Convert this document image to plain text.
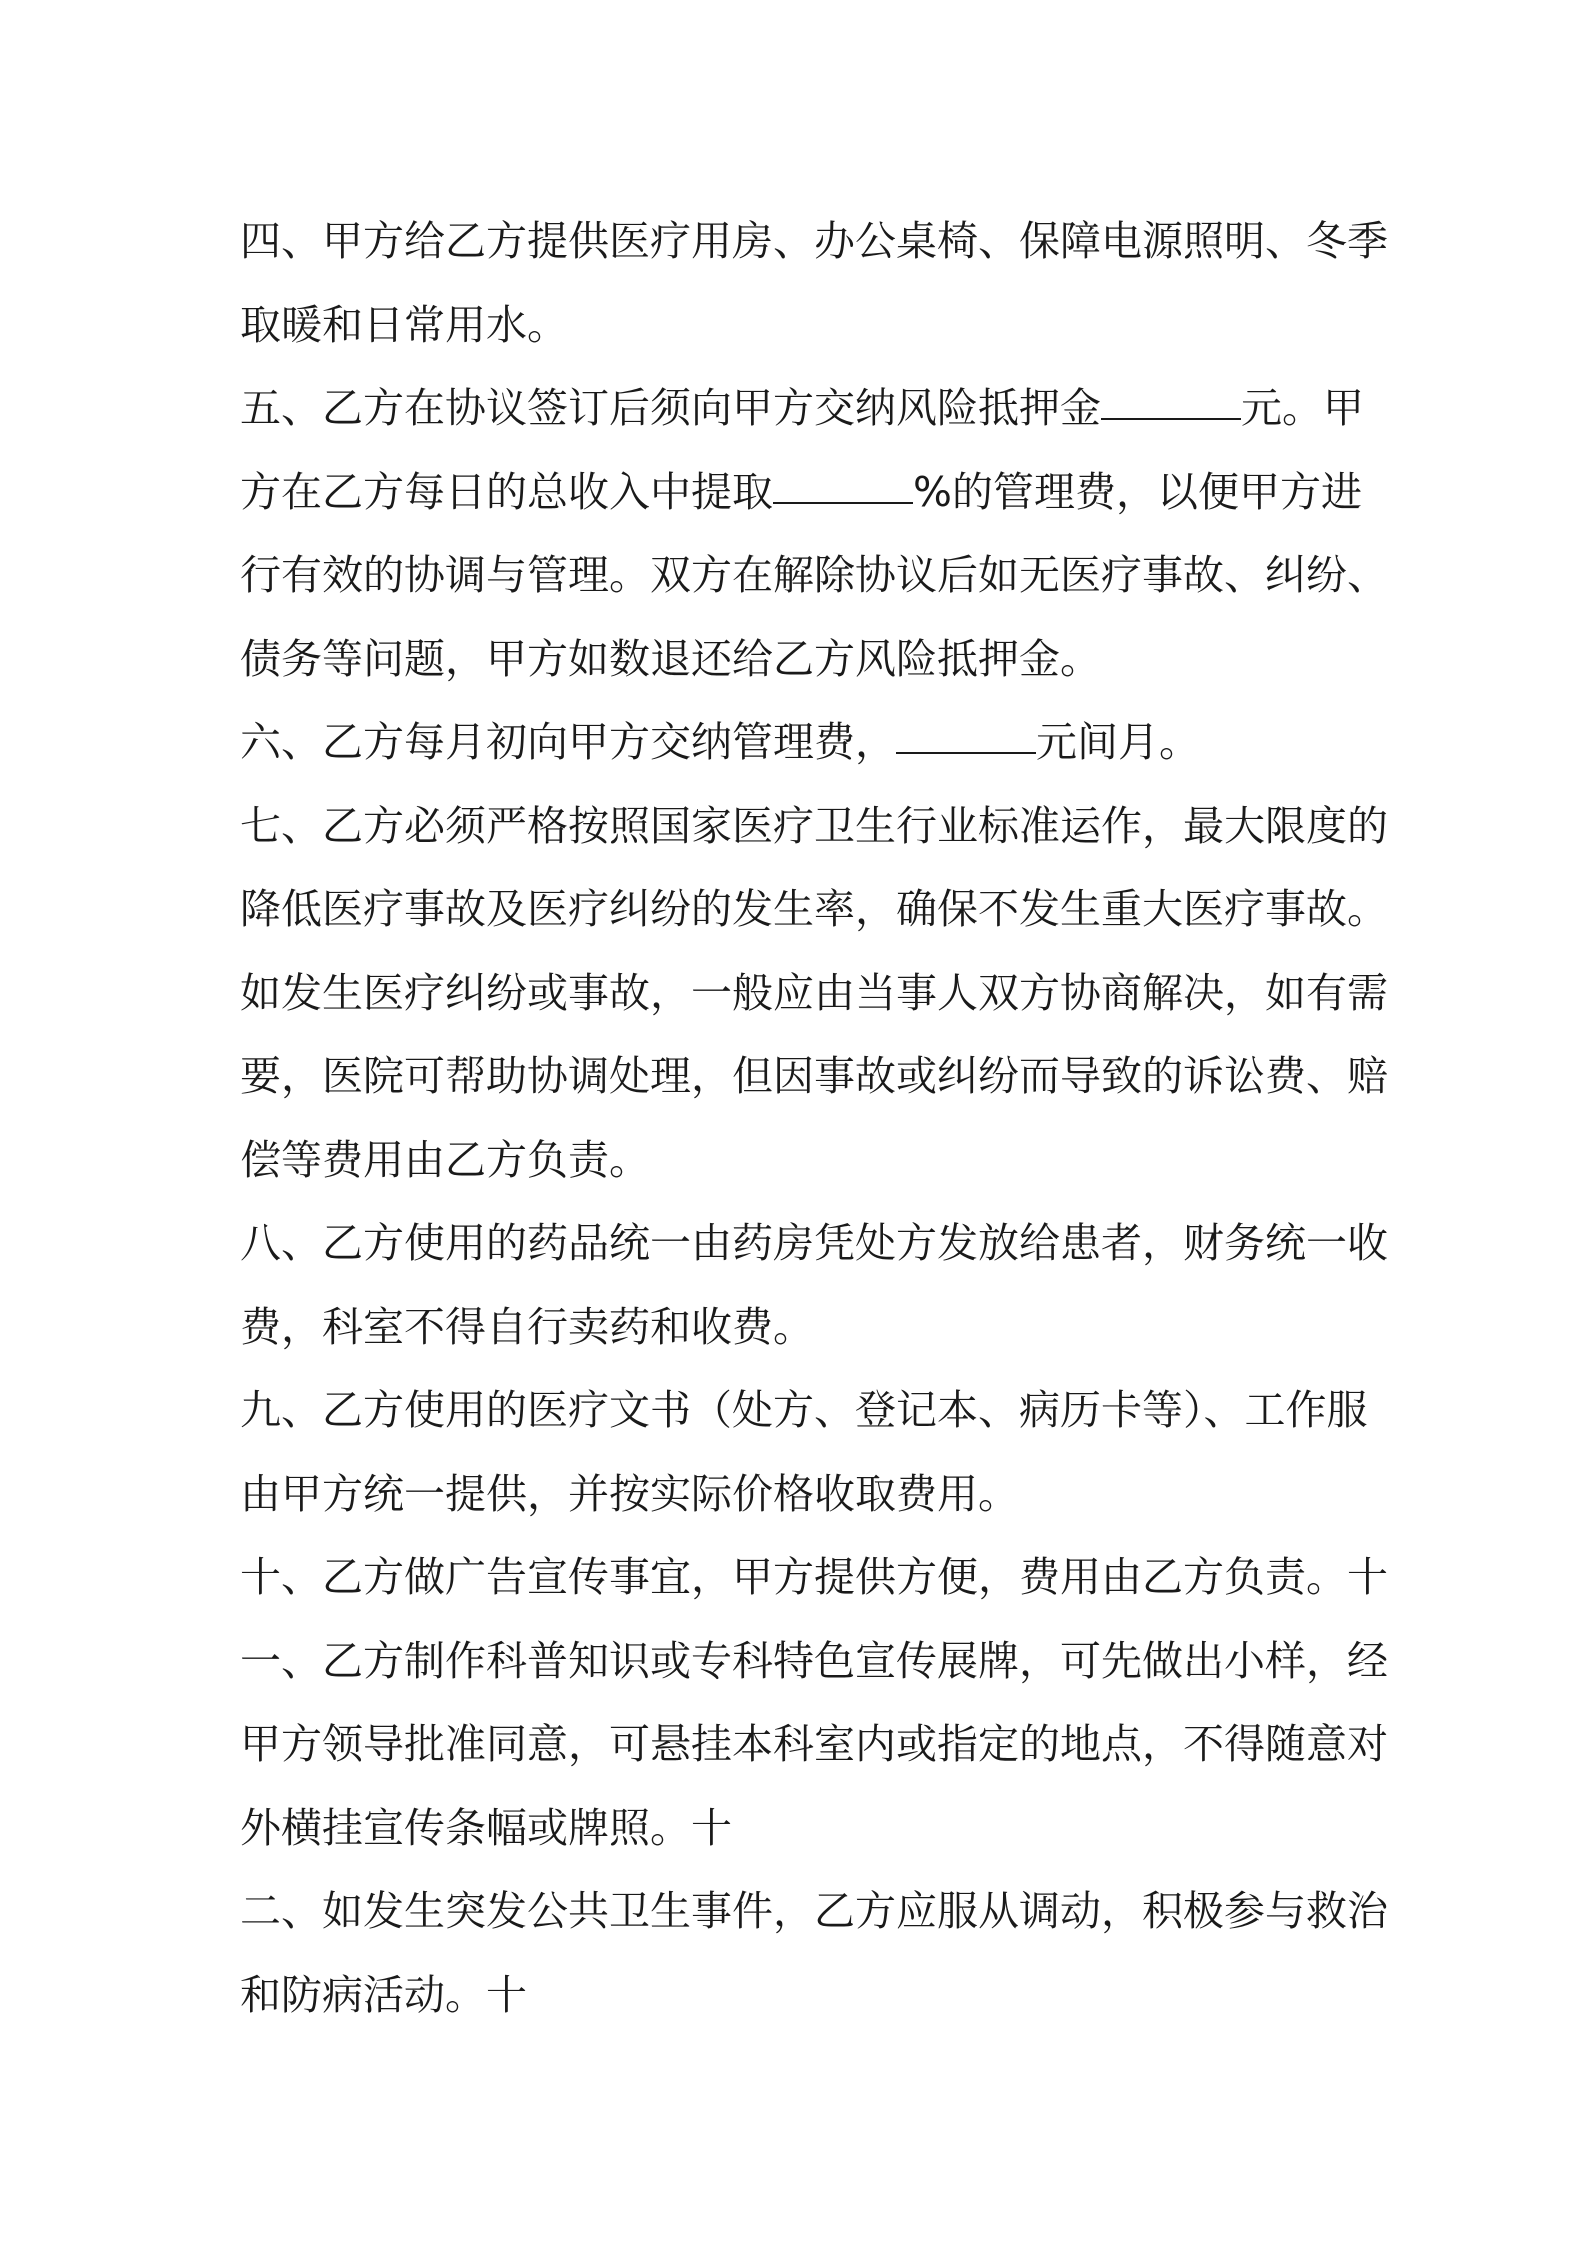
四、甲方给乙方提供医疗用房、办公桌椅、保障电源照明、冬季
取暖和日常用水。
五、乙方在协议签订后须向甲方交纳风险抵押金	元。甲
方在乙方每日的总收入中提取	%的管理费，以便甲方进
行有效的协调与管理。双方在解除协议后如无医疗事故、纠纷、
债务等问题，甲方如数退还给乙方风险抵押金。
六、乙方每月初向甲方交纳管理费，	元间月。
七、乙方必须严格按照国家医疗卫生行业标准运作，最大限度的
降低医疗事故及医疗纠纷的发生率，确保不发生重大医疗事故。
如发生医疗纠纷或事故，一般应由当事人双方协商解决，如有需
要，医院可帮助协调处理，但因事故或纠纷而导致的诉讼费、赔
偿等费用由乙方负责。
八、乙方使用的药品统一由药房凭处方发放给患者，财务统一收
费，科室不得自行卖药和收费。
九、乙方使用的医疗文书（处方、登记本、病历卡等）、工作服
由甲方统一提供，并按实际价格收取费用。
十、乙方做广告宣传事宜，甲方提供方便，费用由乙方负责。十
一、乙方制作科普知识或专科特色宣传展牌，可先做出小样，经
甲方领导批准同意，可悬挂本科室内或指定的地点，不得随意对
外横挂宣传条幅或牌照。十
二、如发生突发公共卫生事件，乙方应服从调动，积极参与救治
和防病活动。十
